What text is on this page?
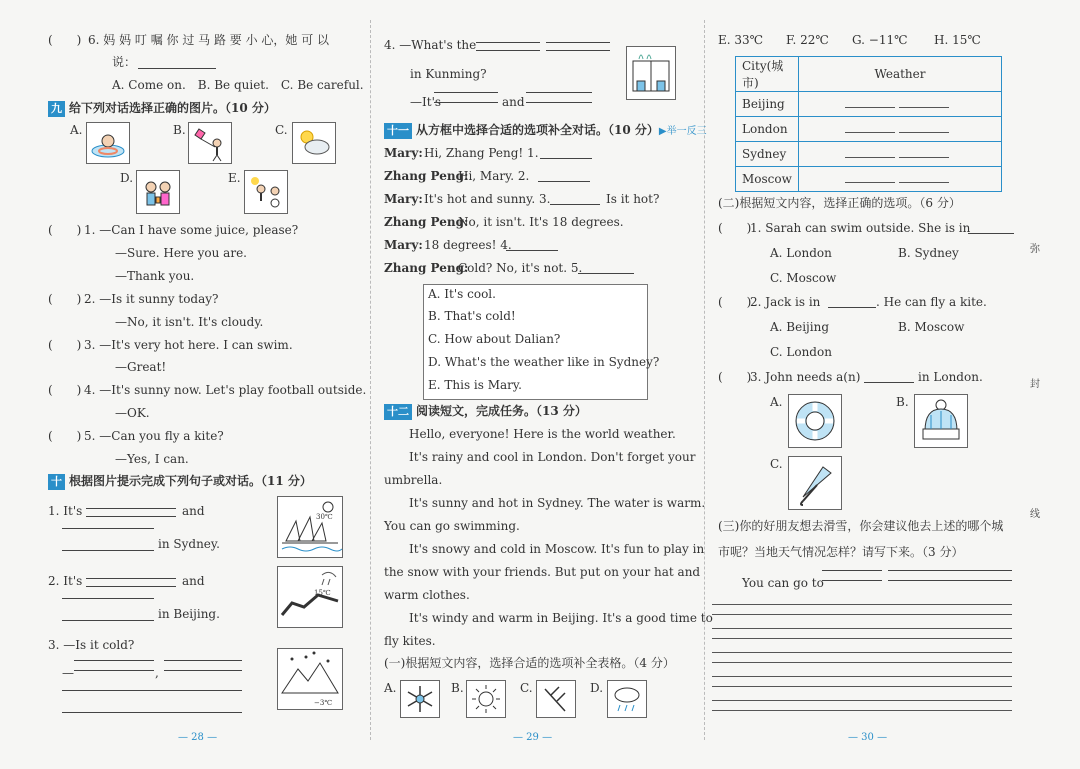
(　　) 6. 妈 妈 叮 嘱 你 过 马 路 要 小 心，她 可 以
说：
A. Come on.　B. Be quiet.　C. Be careful.
九 给下列对话选择正确的图片。（10 分）
A.	B.	C.
D.	E.
(　　) 1. —Can I have some juice, please?
—Sure. Here you are.
—Thank you.
(　　) 2. —Is it sunny today?
—No, it isn't. It's cloudy.
(　　) 3. —It's very hot here. I can swim.
—Great!
(　　) 4. —It's sunny now. Let's play football outside.
—OK.
(　　) 5. —Can you fly a kite?
—Yes, I can.
十 根据图片提示完成下列句子或对话。（11 分）
1. It's	and
in Sydney.
30℃
2. It's	and
in Beijing.
15℃
3. —Is it cold?
—	,
−3℃
— 28 —
4. —What's the
in Kunming?
—It's	and
十一 从方框中选择合适的选项补全对话。（10 分）▶举一反三
Mary: Hi, Zhang Peng! 1.
Zhang Peng:
Hi, Mary. 2.
Mary: It's hot and sunny. 3.	Is it hot?
Zhang Peng:
No, it isn't. It's 18 degrees.
Mary: 18 degrees! 4.
Zhang Peng:
Cold? No, it's not. 5.
A. It's cool.
B. That's cold!
C. How about Dalian?
D. What's the weather like in Sydney?
E. This is Mary.
十二 阅读短文，完成任务。（13 分）
Hello, everyone! Here is the world weather.
It's rainy and cool in London. Don't forget your
umbrella.
It's sunny and hot in Sydney. The water is warm.
You can go swimming.
It's snowy and cold in Moscow. It's fun to play in
the snow with your friends. But put on your hat and
warm clothes.
It's windy and warm in Beijing. It's a good time to
fly kites.
(一)根据短文内容，选择合适的选项补全表格。（4 分）
A.	B.	C.	D.
— 29 —
E. 33℃ F. 22℃ G. −11℃ H. 15℃
City(城市)	Weather
Beijing	
London	
Sydney	
Moscow	
(二)根据短文内容，选择正确的选项。（6 分）
(　　)
1. Sarah can swim outside. She is in
A. London	B. Sydney
C. Moscow
(　　)
2. Jack is in	. He can fly a kite.
A. Beijing	B. Moscow
C. London
(　　)
3. John needs a(n)	in London.
A.	B.
C.
(三)你的好朋友想去滑雪，你会建议他去上述的哪个城
市呢？当地天气情况怎样？请写下来。（3 分）
You can go to
— 30 —
弥
封
线
